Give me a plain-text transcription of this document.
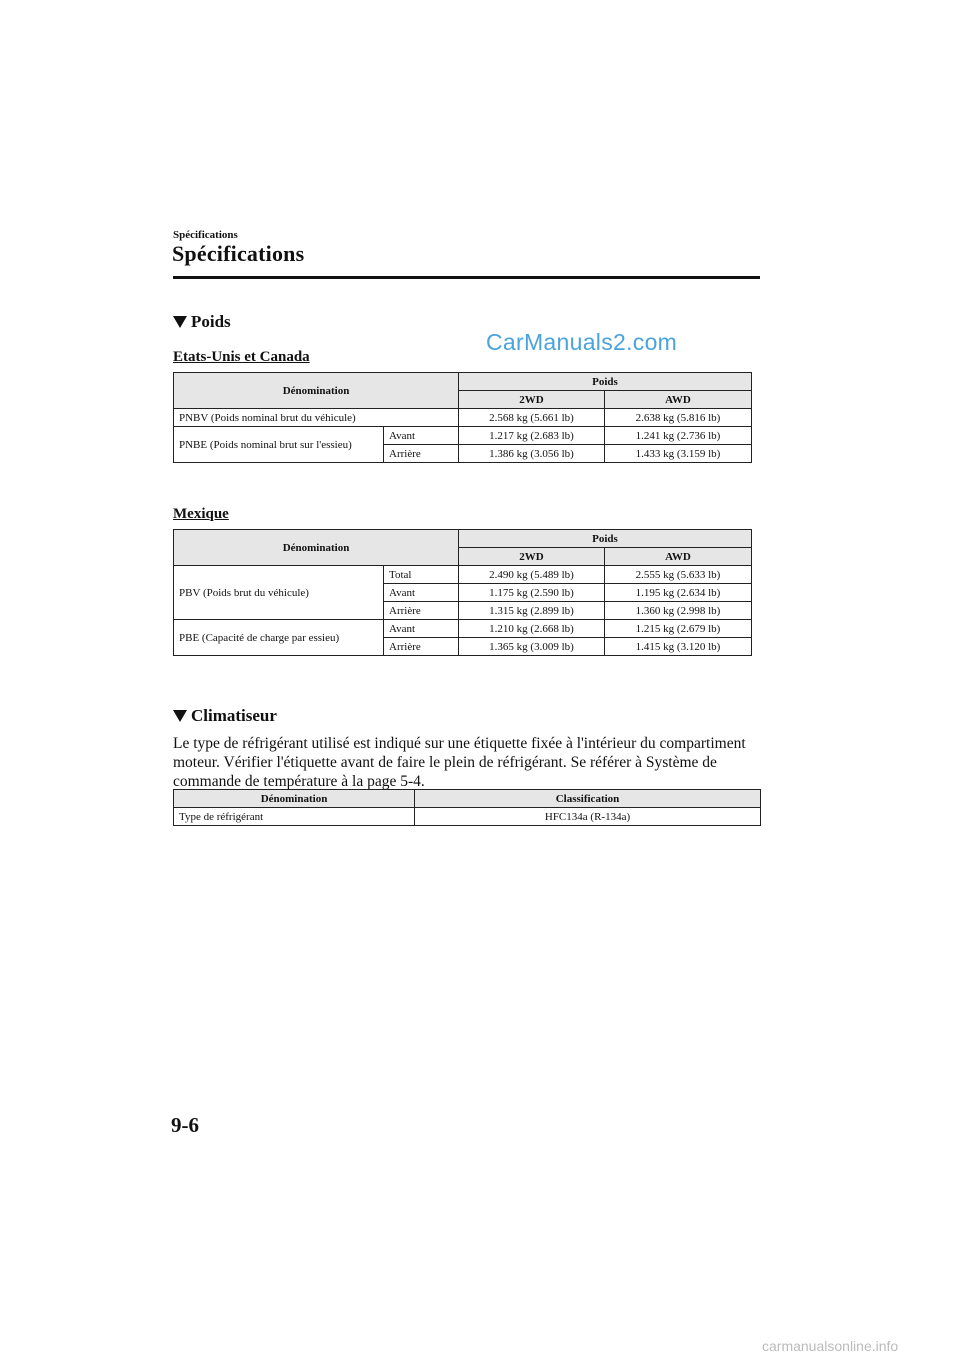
Spécifications
Spécifications
Poids
Etats-Unis et Canada
CarManuals2.com
Dénomination		Poids	
		2WD	AWD
PNBV (Poids nominal brut du véhicule)		2.568 kg (5.661 lb)	2.638 kg (5.816 lb)
PNBE (Poids nominal brut sur l'essieu)	Avant	1.217 kg (2.683 lb)	1.241 kg (2.736 lb)
	Arrière	1.386 kg (3.056 lb)	1.433 kg (3.159 lb)
Mexique
Dénomination		Poids	
		2WD	AWD
PBV (Poids brut du véhicule)	Total	2.490 kg (5.489 lb)	2.555 kg (5.633 lb)
	Avant	1.175 kg (2.590 lb)	1.195 kg (2.634 lb)
	Arrière	1.315 kg (2.899 lb)	1.360 kg (2.998 lb)
PBE (Capacité de charge par essieu)	Avant	1.210 kg (2.668 lb)	1.215 kg (2.679 lb)
	Arrière	1.365 kg (3.009 lb)	1.415 kg (3.120 lb)
Climatiseur
Le type de réfrigérant utilisé est indiqué sur une étiquette fixée à l'intérieur du compartiment moteur. Vérifier l'étiquette avant de faire le plein de réfrigérant. Se référer à Système de commande de température à la page 5-4.
Dénomination	Classification
Type de réfrigérant	HFC134a (R-134a)
9-6
carmanualsonline.info
